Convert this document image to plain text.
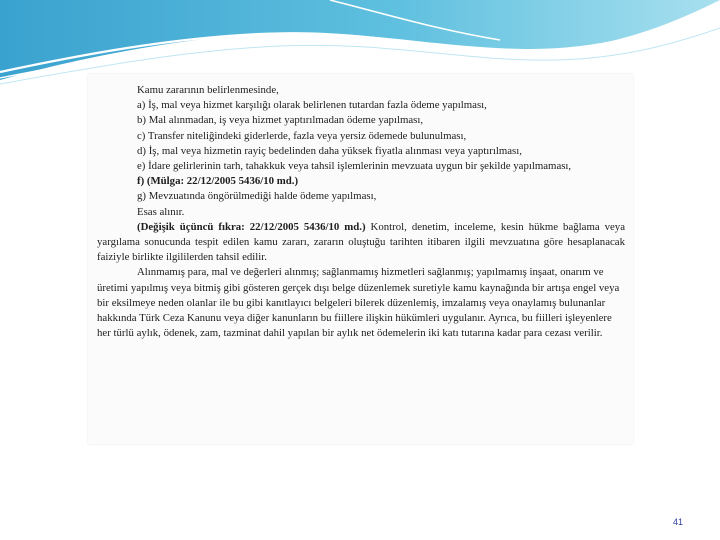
Kamu zararının belirlenmesinde,

a) İş, mal veya hizmet karşılığı olarak belirlenen tutardan fazla ödeme yapılması,

b) Mal alınmadan, iş veya hizmet yaptırılmadan ödeme yapılması,

c) Transfer niteliğindeki giderlerde, fazla veya yersiz ödemede bulunulması,

d) İş, mal veya hizmetin rayiç bedelinden daha yüksek fiyatla alınması veya yaptırılması,

e) İdare gelirlerinin tarh, tahakkuk veya tahsil işlemlerinin mevzuata uygun bir şekilde yapılmaması,

f) (Mülga: 22/12/2005 5436/10 md.)

g) Mevzuatında öngörülmediği halde ödeme yapılması,

Esas alınır.

(Değişik üçüncü fıkra: 22/12/2005 5436/10 md.) Kontrol, denetim, inceleme, kesin hükme bağlama veya yargılama sonucunda tespit edilen kamu zararı, zararın oluştuğu tarihten itibaren ilgili mevzuatına göre hesaplanacak faiziyle birlikte ilgililerden tahsil edilir.

Alınmamış para, mal ve değerleri alınmış; sağlanmamış hizmetleri sağlanmış; yapılmamış inşaat, onarım ve üretimi yapılmış veya bitmiş gibi gösteren gerçek dışı belge düzenlemek suretiyle kamu kaynağında bir artışa engel veya bir eksilmeye neden olanlar ile bu gibi kanıtlayıcı belgeleri bilerek düzenlemiş, imzalamış veya onaylamış bulunanlar hakkında Türk Ceza Kanunu veya diğer kanunların bu fiillere ilişkin hükümleri uygulanır. Ayrıca, bu fiilleri işleyenlere her türlü aylık, ödenek, zam, tazminat dahil yapılan bir aylık net ödemelerin iki katı tutarına kadar para cezası verilir.

41
